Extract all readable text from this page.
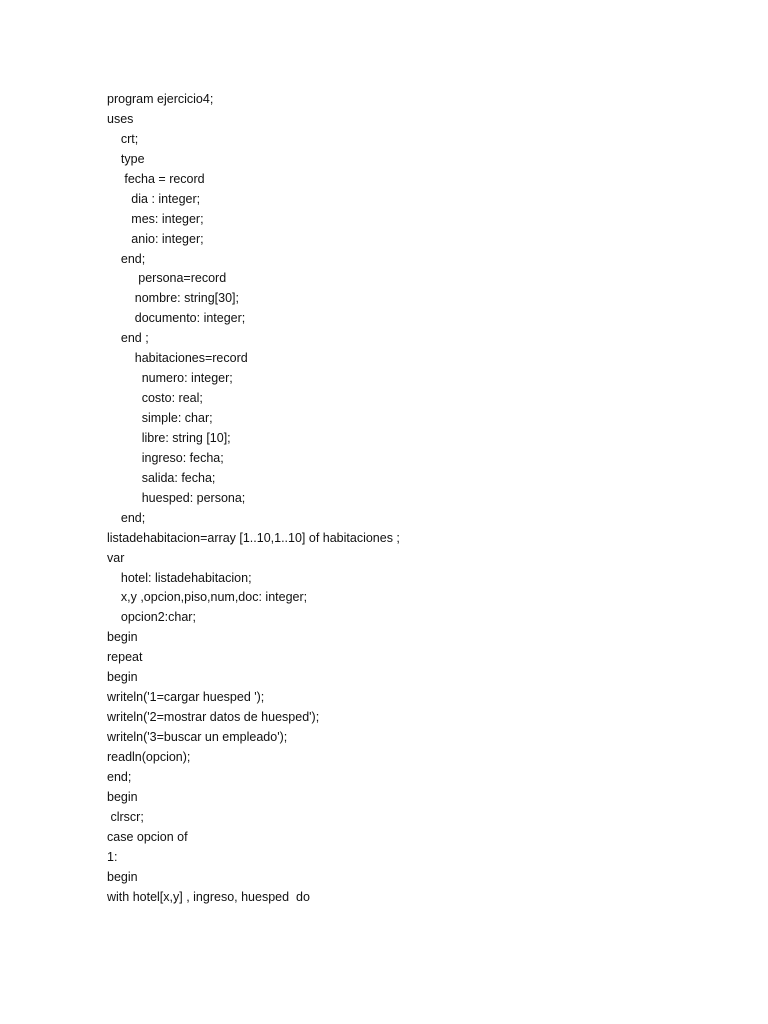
program ejercicio4;
uses
crt;
type
fecha = record
dia : integer;
mes: integer;
anio: integer;
end;
persona=record
nombre: string[30];
documento: integer;
end ;
habitaciones=record
numero: integer;
costo: real;
simple: char;
libre: string [10];
ingreso: fecha;
salida: fecha;
huesped: persona;
end;
listadehabitacion=array [1..10,1..10] of habitaciones ;
var
hotel: listadehabitacion;
x,y ,opcion,piso,num,doc: integer;
opcion2:char;
begin
repeat
begin
writeln('1=cargar huesped ');
writeln('2=mostrar datos de huesped');
writeln('3=buscar un empleado');
readln(opcion);
end;
begin
clrscr;
case opcion of
1:
begin
with hotel[x,y] , ingreso, huesped  do
